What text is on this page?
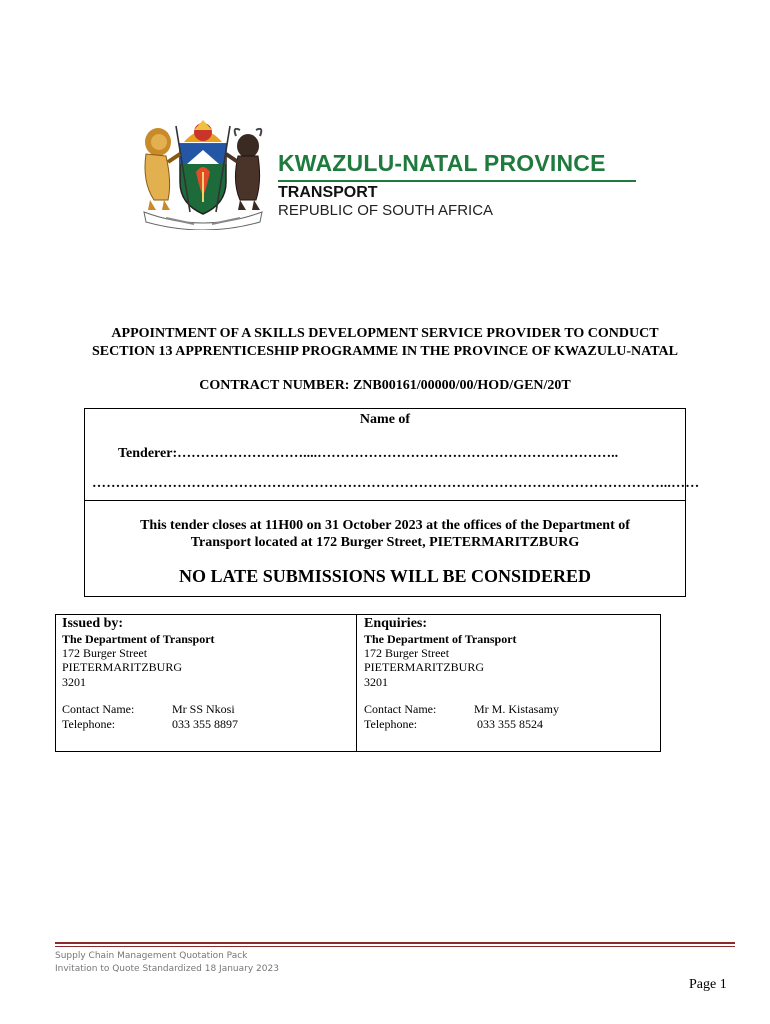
KWAZULU-NATAL PROVINCE
TRANSPORT
REPUBLIC OF SOUTH AFRICA
APPOINTMENT OF A SKILLS DEVELOPMENT SERVICE PROVIDER TO CONDUCT
SECTION 13 APPRENTICESHIP PROGRAMME IN THE PROVINCE OF KWAZULU-NATAL
CONTRACT NUMBER: ZNB00161/00000/00/HOD/GEN/20T
Name of
Tenderer:………………………....………………………………………………………..
…………………………………………………………………………………………………………...……
This tender closes at 11H00 on 31 October 2023 at the offices of the Department of
Transport located at 172 Burger Street, PIETERMARITZBURG
NO LATE SUBMISSIONS WILL BE CONSIDERED
Issued by:
The Department of Transport
172 Burger Street
PIETERMARITZBURG
3201
Contact Name:	Mr SS Nkosi
Telephone:	033 355 8897
Enquiries:
The Department of Transport
172 Burger Street
PIETERMARITZBURG
3201
Contact Name:	Mr M. Kistasamy
Telephone:	033 355 8524
Supply Chain Management Quotation Pack
Invitation to Quote Standardized 18 January 2023
Page 1
